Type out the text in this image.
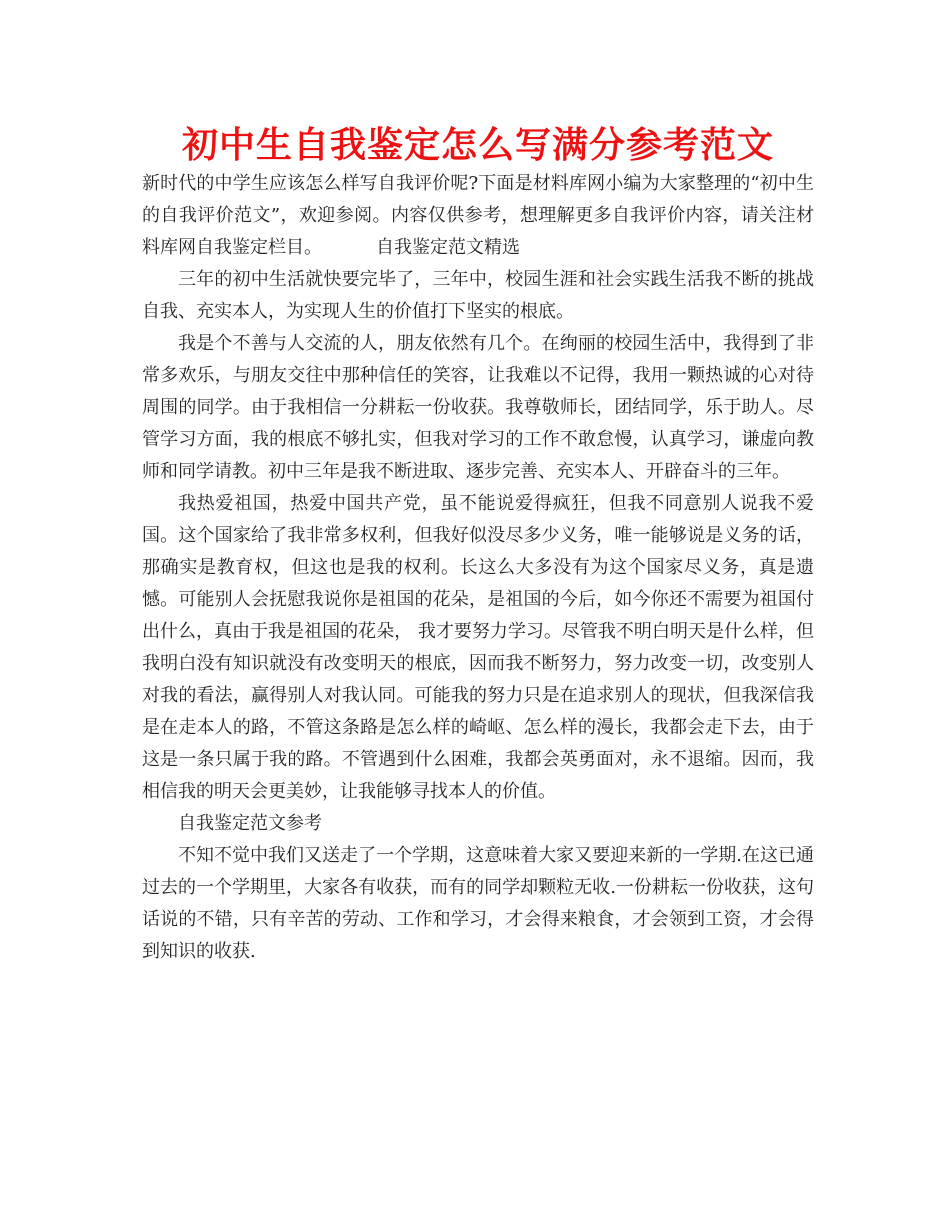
初中生自我鉴定怎么写满分参考范文

新时代的中学生应该怎么样写自我评价呢?下面是材料库网小编为大家整理的“初中生的自我评价范文”，欢迎参阅。内容仅供参考，想理解更多自我评价内容，请关注材料库网自我鉴定栏目。	自我鉴定范文精选

三年的初中生活就快要完毕了，三年中，校园生涯和社会实践生活我不断的挑战自我、充实本人，为实现人生的价值打下坚实的根底。

我是个不善与人交流的人，朋友依然有几个。在绚丽的校园生活中，我得到了非常多欢乐，与朋友交往中那种信任的笑容，让我难以不记得，我用一颗热诚的心对待周围的同学。由于我相信一分耕耘一份收获。我尊敬师长，团结同学，乐于助人。尽管学习方面，我的根底不够扎实，但我对学习的工作不敢怠慢，认真学习，谦虚向教师和同学请教。初中三年是我不断进取、逐步完善、充实本人、开辟奋斗的三年。

我热爱祖国，热爱中国共产党，虽不能说爱得疯狂，但我不同意别人说我不爱国。这个国家给了我非常多权利，但我好似没尽多少义务，唯一能够说是义务的话，那确实是教育权，但这也是我的权利。长这么大多没有为这个国家尽义务，真是遗憾。可能别人会抚慰我说你是祖国的花朵，是祖国的今后，如今你还不需要为祖国付出什么，真由于我是祖国的花朵， 我才要努力学习。尽管我不明白明天是什么样，但我明白没有知识就没有改变明天的根底，因而我不断努力，努力改变一切，改变别人对我的看法，赢得别人对我认同。可能我的努力只是在追求别人的现状，但我深信我是在走本人的路，不管这条路是怎么样的崎岖、怎么样的漫长，我都会走下去，由于这是一条只属于我的路。不管遇到什么困难，我都会英勇面对，永不退缩。因而，我相信我的明天会更美妙，让我能够寻找本人的价值。

自我鉴定范文参考

不知不觉中我们又送走了一个学期，这意味着大家又要迎来新的一学期.在这已通过去的一个学期里，大家各有收获，而有的同学却颗粒无收.一份耕耘一份收获，这句话说的不错，只有辛苦的劳动、工作和学习，才会得来粮食，才会领到工资，才会得到知识的收获.
